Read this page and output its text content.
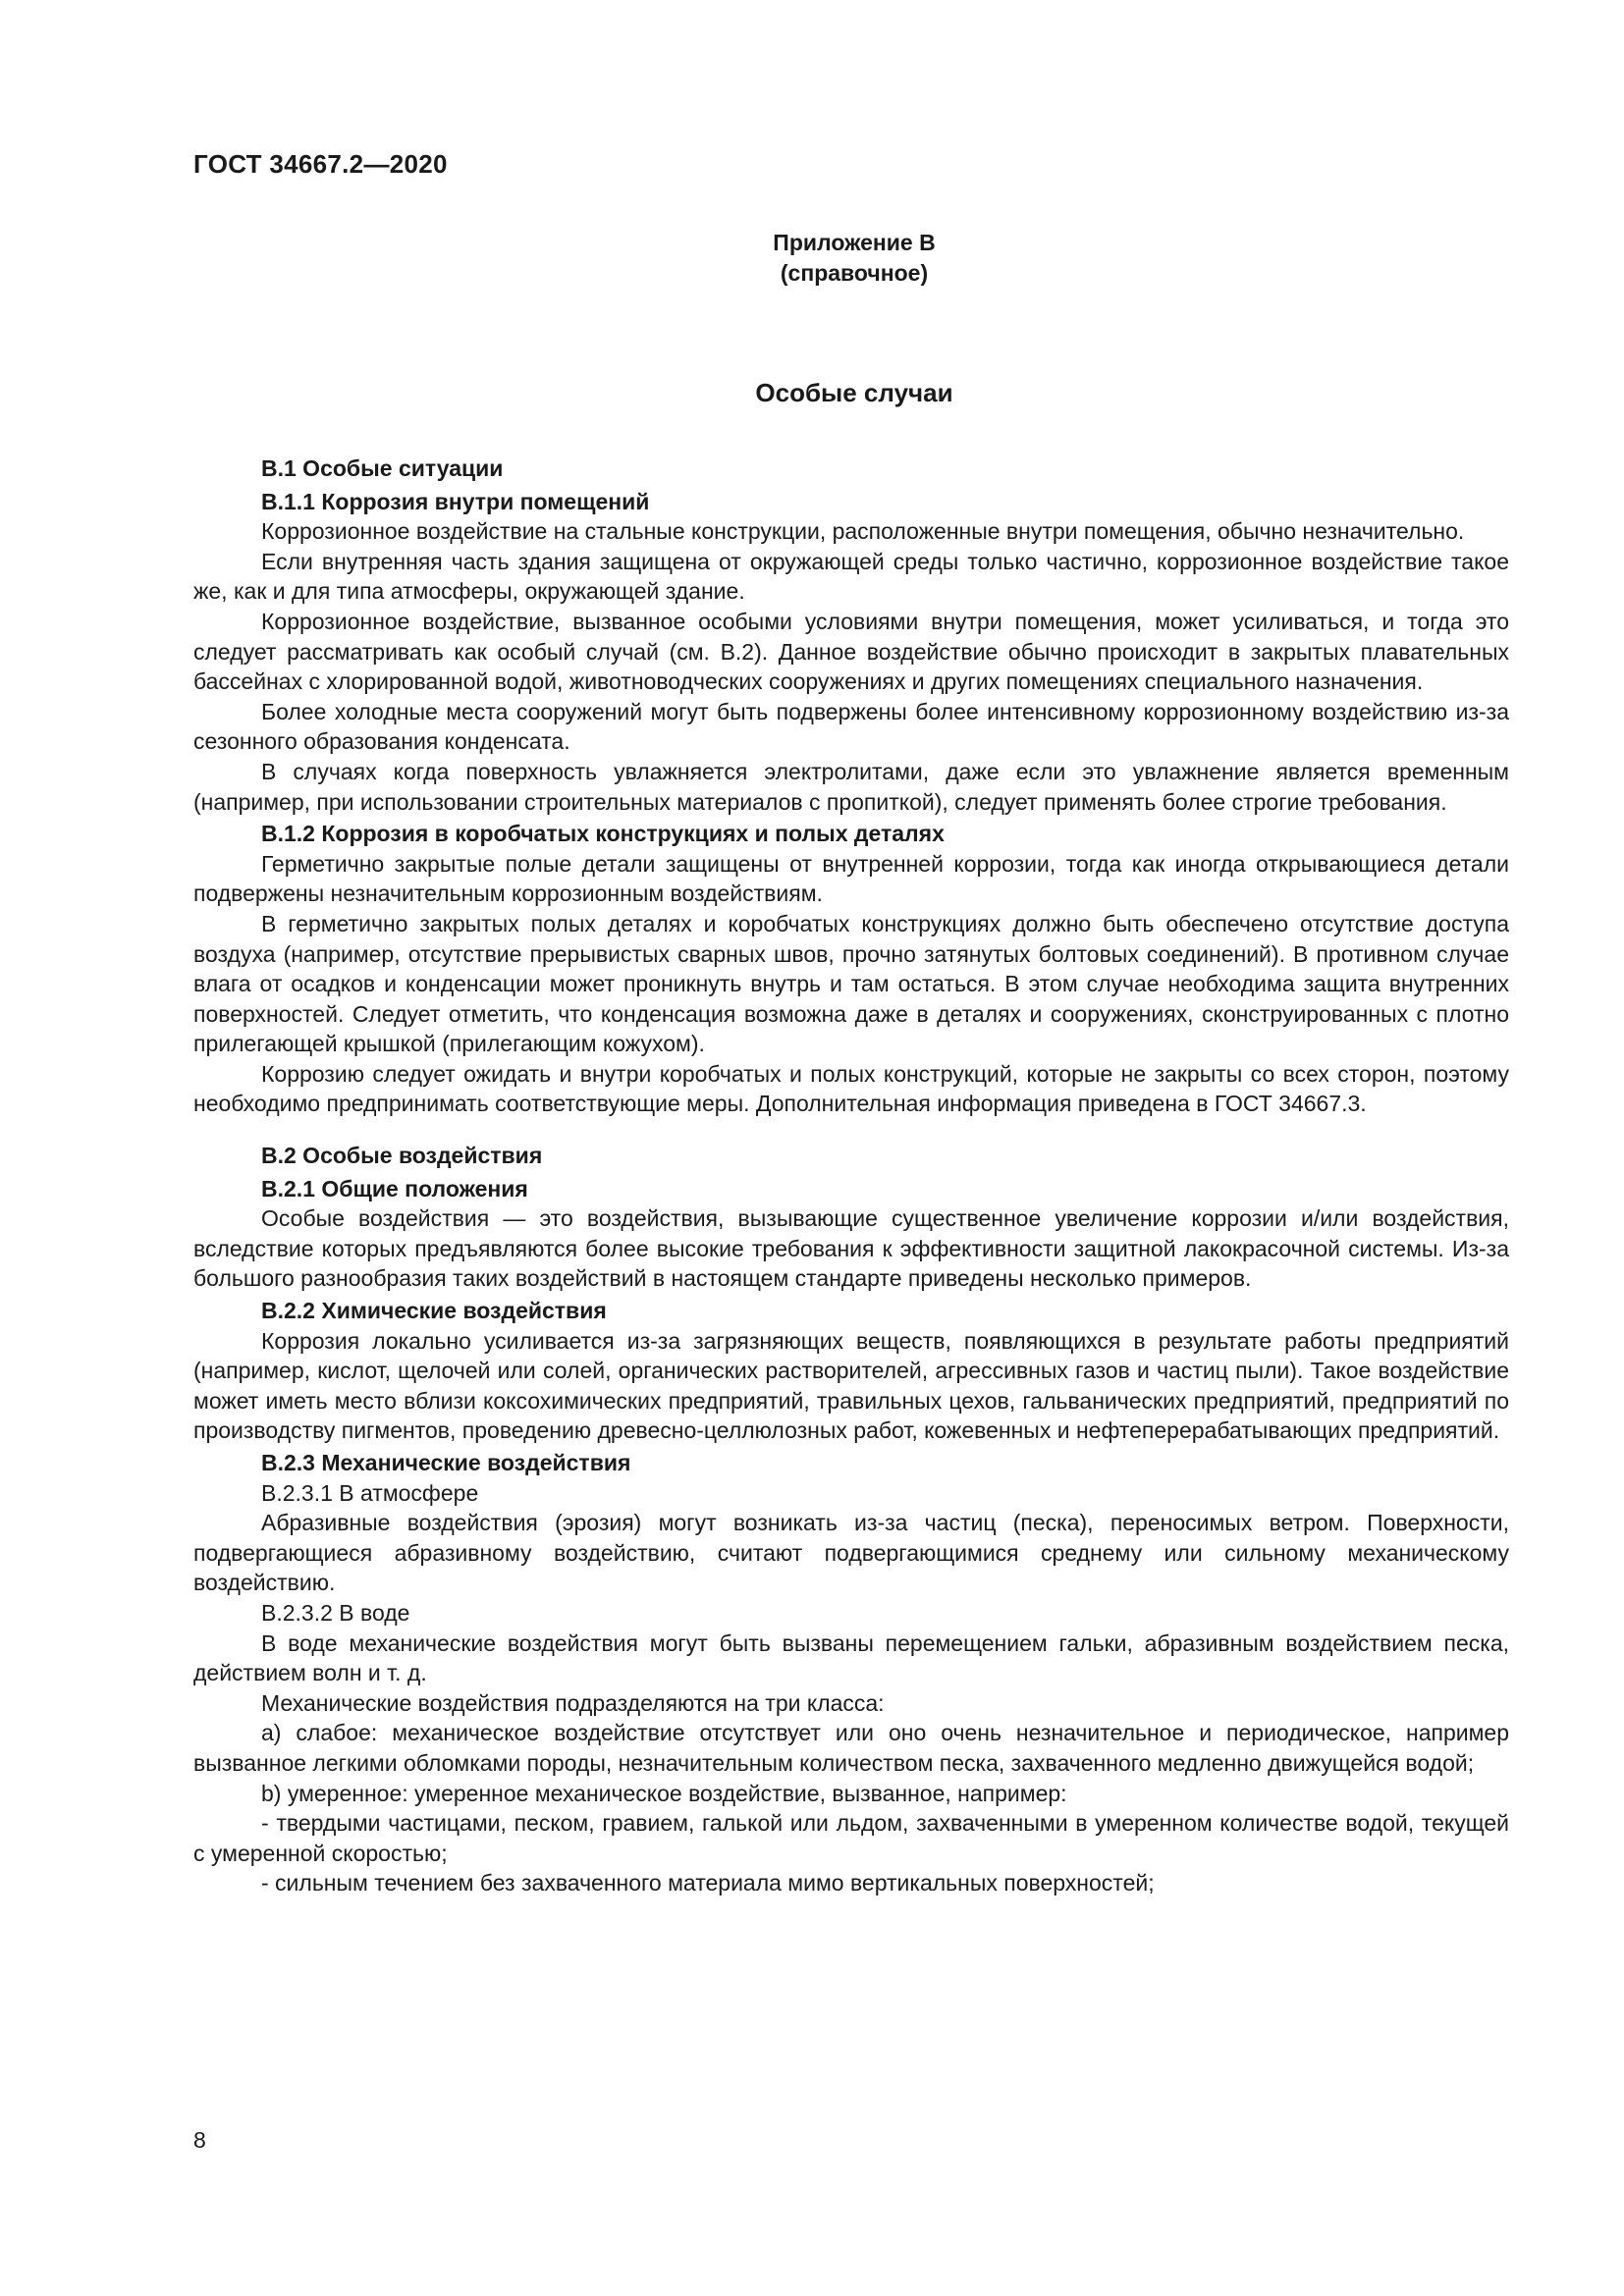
ГОСТ 34667.2—2020
Приложение В
(справочное)
Особые случаи
В.1 Особые ситуации
В.1.1 Коррозия внутри помещений

Коррозионное воздействие на стальные конструкции, расположенные внутри помещения, обычно незначительно.

Если внутренняя часть здания защищена от окружающей среды только частично, коррозионное воздействие такое же, как и для типа атмосферы, окружающей здание.

Коррозионное воздействие, вызванное особыми условиями внутри помещения, может усиливаться, и тогда это следует рассматривать как особый случай (см. В.2). Данное воздействие обычно происходит в закрытых плавательных бассейнах с хлорированной водой, животноводческих сооружениях и других помещениях специального назначения.

Более холодные места сооружений могут быть подвержены более интенсивному коррозионному воздействию из-за сезонного образования конденсата.

В случаях когда поверхность увлажняется электролитами, даже если это увлажнение является временным (например, при использовании строительных материалов с пропиткой), следует применять более строгие требования.

В.1.2 Коррозия в коробчатых конструкциях и полых деталях

Герметично закрытые полые детали защищены от внутренней коррозии, тогда как иногда открывающиеся детали подвержены незначительным коррозионным воздействиям.

В герметично закрытых полых деталях и коробчатых конструкциях должно быть обеспечено отсутствие доступа воздуха (например, отсутствие прерывистых сварных швов, прочно затянутых болтовых соединений). В противном случае влага от осадков и конденсации может проникнуть внутрь и там остаться. В этом случае необходима защита внутренних поверхностей. Следует отметить, что конденсация возможна даже в деталях и сооружениях, сконструированных с плотно прилегающей крышкой (прилегающим кожухом).

Коррозию следует ожидать и внутри коробчатых и полых конструкций, которые не закрыты со всех сторон, поэтому необходимо предпринимать соответствующие меры. Дополнительная информация приведена в ГОСТ 34667.3.

В.2 Особые воздействия
В.2.1 Общие положения

Особые воздействия — это воздействия, вызывающие существенное увеличение коррозии и/или воздействия, вследствие которых предъявляются более высокие требования к эффективности защитной лакокрасочной системы. Из-за большого разнообразия таких воздействий в настоящем стандарте приведены несколько примеров.

В.2.2 Химические воздействия

Коррозия локально усиливается из-за загрязняющих веществ, появляющихся в результате работы предприятий (например, кислот, щелочей или солей, органических растворителей, агрессивных газов и частиц пыли). Такое воздействие может иметь место вблизи коксохимических предприятий, травильных цехов, гальванических предприятий, предприятий по производству пигментов, проведению древесно-целлюлозных работ, кожевенных и нефтеперерабатывающих предприятий.

В.2.3 Механические воздействия
В.2.3.1 В атмосфере

Абразивные воздействия (эрозия) могут возникать из-за частиц (песка), переносимых ветром. Поверхности, подвергающиеся абразивному воздействию, считают подвергающимися среднему или сильному механическому воздействию.

В.2.3.2 В воде

В воде механические воздействия могут быть вызваны перемещением гальки, абразивным воздействием песка, действием волн и т. д.

Механические воздействия подразделяются на три класса:

а) слабое: механическое воздействие отсутствует или оно очень незначительное и периодическое, например вызванное легкими обломками породы, незначительным количеством песка, захваченного медленно движущейся водой;

b) умеренное: умеренное механическое воздействие, вызванное, например:

- твердыми частицами, песком, гравием, галькой или льдом, захваченными в умеренном количестве водой, текущей с умеренной скоростью;

- сильным течением без захваченного материала мимо вертикальных поверхностей;

8
